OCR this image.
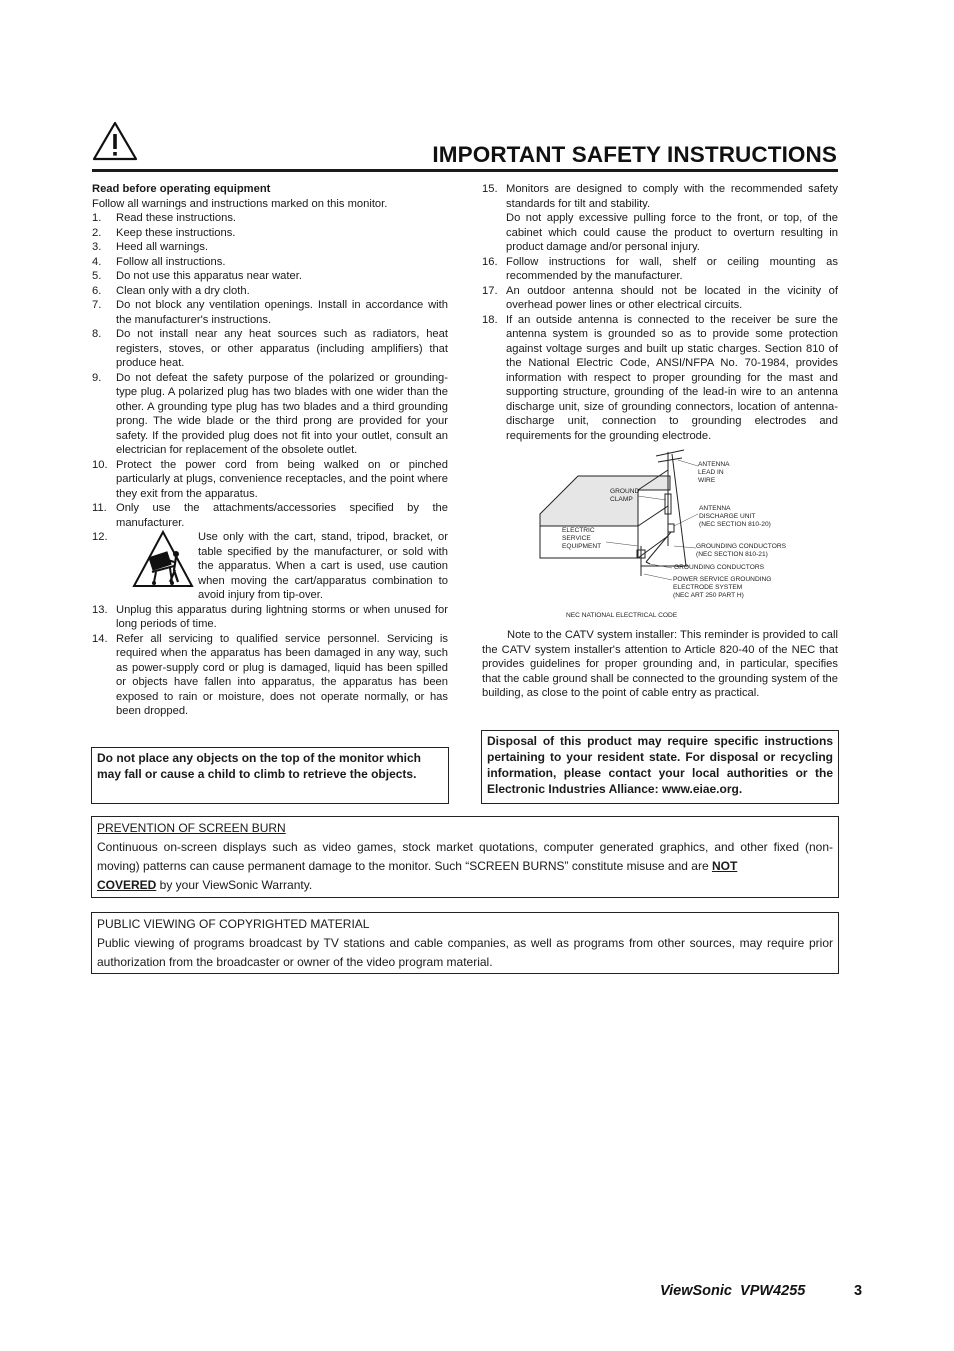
IMPORTANT SAFETY INSTRUCTIONS
Read before operating equipment
Follow all warnings and instructions marked on this monitor.
1.	Read these instructions.
2.	Keep these instructions.
3.	Heed all warnings.
4.	Follow all instructions.
5.	Do not use this apparatus near water.
6.	Clean only with a dry cloth.
7.	Do not block any ventilation openings. Install in accordance with the manufacturer's instructions.
8.	Do not install near any heat sources such as radiators, heat registers, stoves, or other apparatus (including amplifiers) that produce heat.
9.	Do not defeat the safety purpose of the polarized or grounding- type plug. A polarized plug has two blades with one wider than the other. A grounding type plug has two blades and a third grounding prong. The wide blade or the third prong are provided for your safety. If the provided plug does not fit into your outlet, consult an electrician for replacement of the obsolete outlet.
10. Protect the power cord from being walked on or pinched particularly at plugs, convenience receptacles, and the point where they exit from the apparatus.
11. Only use the attachments/accessories specified by the manufacturer.
12.	Use only with the cart, stand, tripod, bracket, or table specified by the manufacturer, or sold with the apparatus. When a cart is used, use caution when moving the cart/apparatus combination to avoid injury from tip-over.
13. Unplug this apparatus during lightning storms or when unused for long periods of time.
14. Refer all servicing to qualified service personnel. Servicing is required when the apparatus has been damaged in any way, such as power-supply cord or plug is damaged, liquid has been spilled or objects have fallen into apparatus, the apparatus has been exposed to rain or moisture, does not operate normally, or has been dropped.
15. Monitors are designed to comply with the recommended safety standards for tilt and stability.
Do not apply excessive pulling force to the front, or top, of the cabinet which could cause the product to overturn resulting in product damage and/or personal injury.
16. Follow instructions for wall, shelf or ceiling mounting as recommended by the manufacturer.
17. An outdoor antenna should not be located in the vicinity of overhead power lines or other electrical circuits.
18. If an outside antenna is connected to the receiver be sure the antenna system is grounded so as to provide some protection against voltage surges and built up static charges. Section 810 of the National Electric Code, ANSI/NFPA No. 70-1984, provides information with respect to proper grounding for the mast and supporting structure, grounding of the lead-in wire to an antenna discharge unit, size of grounding connectors, location of antenna-discharge unit, connection to grounding electrodes and requirements for the grounding electrode.
ANTENNA
LEAD IN
WIRE
GROUND
CLAMP
ANTENNA
DISCHARGE UNIT
(NEC SECTION 810-20)
ELECTRIC
SERVICE
EQUIPMENT	GROUNDING CONDUCTORS
(NEC SECTION 810-21)
GROUNDING CONDUCTORS
POWER SERVICE GROUNDING
ELECTRODE SYSTEM
(NEC ART 250 PART H)
NEC NATIONAL ELECTRICAL CODE
Note to the CATV system installer: This reminder is provided to call the CATV system installer's attention to Article 820-40 of the NEC that provides guidelines for proper grounding and, in particular, specifies that the cable ground shall be connected to the grounding system of the building, as close to the point of cable entry as practical.
Do not place any objects on the top of the monitor which may fall or cause a child to climb to retrieve the objects.
Disposal of this product may require specific instructions pertaining to your resident state. For disposal or recycling information, please contact your local authorities or the Electronic Industries Alliance: www.eiae.org.
PREVENTION OF SCREEN BURN
Continuous on-screen displays such as video games, stock market quotations, computer generated graphics, and other fixed (non-moving) patterns can cause permanent damage to the monitor. Such “SCREEN BURNS” constitute misuse and are NOT
COVERED by your ViewSonic Warranty.
PUBLIC VIEWING OF COPYRIGHTED MATERIAL
Public viewing of programs broadcast by TV stations and cable companies, as well as programs from other sources, may require prior authorization from the broadcaster or owner of the video program material.
ViewSonic  VPW4255	3
